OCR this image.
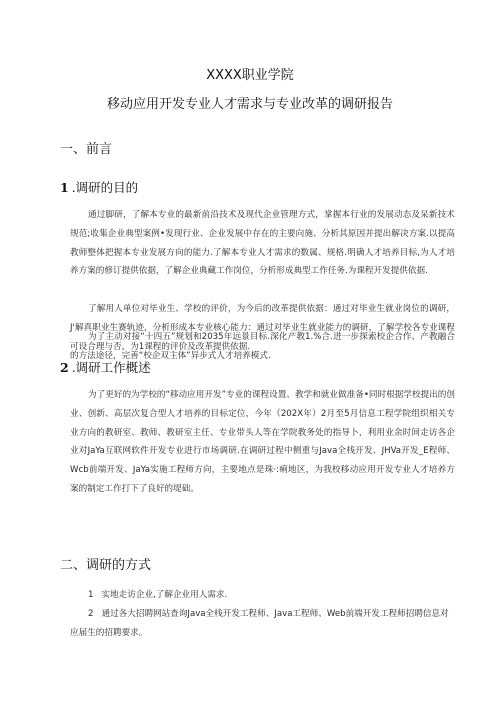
XXXX职业学院
移动应用开发专业人才需求与专业改革的调研报告
一、前言
1 .调研的目的

通过脚研，了解本专业的最新前沿技术及现代企业管理方式，掌握本行业的发展动态及呆新技术规范;收集企业典型案例•发现行业、企业发展中存在的主要向施、分析其原因并提出解决方案.以提高教师整体把握本专业发展方向的能力.了解本专业人才需求的数属、规格.明确人才培养目标,为人才培养方案的修订提供依据，了解企业典藏工作岗位，分析形成典型工作任务.为课程开发提供依据.

了解用人单位对毕业生、学校的评价，为今后的改革提供依据：通过对毕业生就业岗位的调研，J'解真职业生赛轨迹，分析形成本专业核心能力：通过对毕业生就业能力的调研，了解学校各专业课程可设合理与否，为1课程的评价及改革提供依据.

为了主动对接“十四五”规划和2035年远景目标.深化产教1.%合.进一步探索校企合作、产教融合的方法途径，完善“校企双主体”异步式人才培养模式.

2 .调研工作概述

为了更好的为学校的“移动应用开发”专业的课程设置、教学和就业做准备•同时根据学校提出的创业、创新、高层次复合型人才培养的目标定位，今年（202X年）2月至5月信息工程学院组织相关专业方向的教研室、教师、教研室主任、专业带头人等在学院教务处的指导卜，利用业余时间走访各企业对JaYa互联网软件开发专业进行市场调研.在调研过程中侧重与Java全栈开发、JHVa开发_E程师、Wcb前端开发、JaYa实施工程师方向，主要地点是珠·:痢地区，为我校移动应用开发专业人才培养方案的制定工作打下了良好的堤础。

二、调研的方式

1 实地走访企业,了解企业用人需求.

2 通过各大招聘网站查询Java全栈开发工程师、Java工程师、Web前端开发工程师招聘信息对应届生的招聘要求。
